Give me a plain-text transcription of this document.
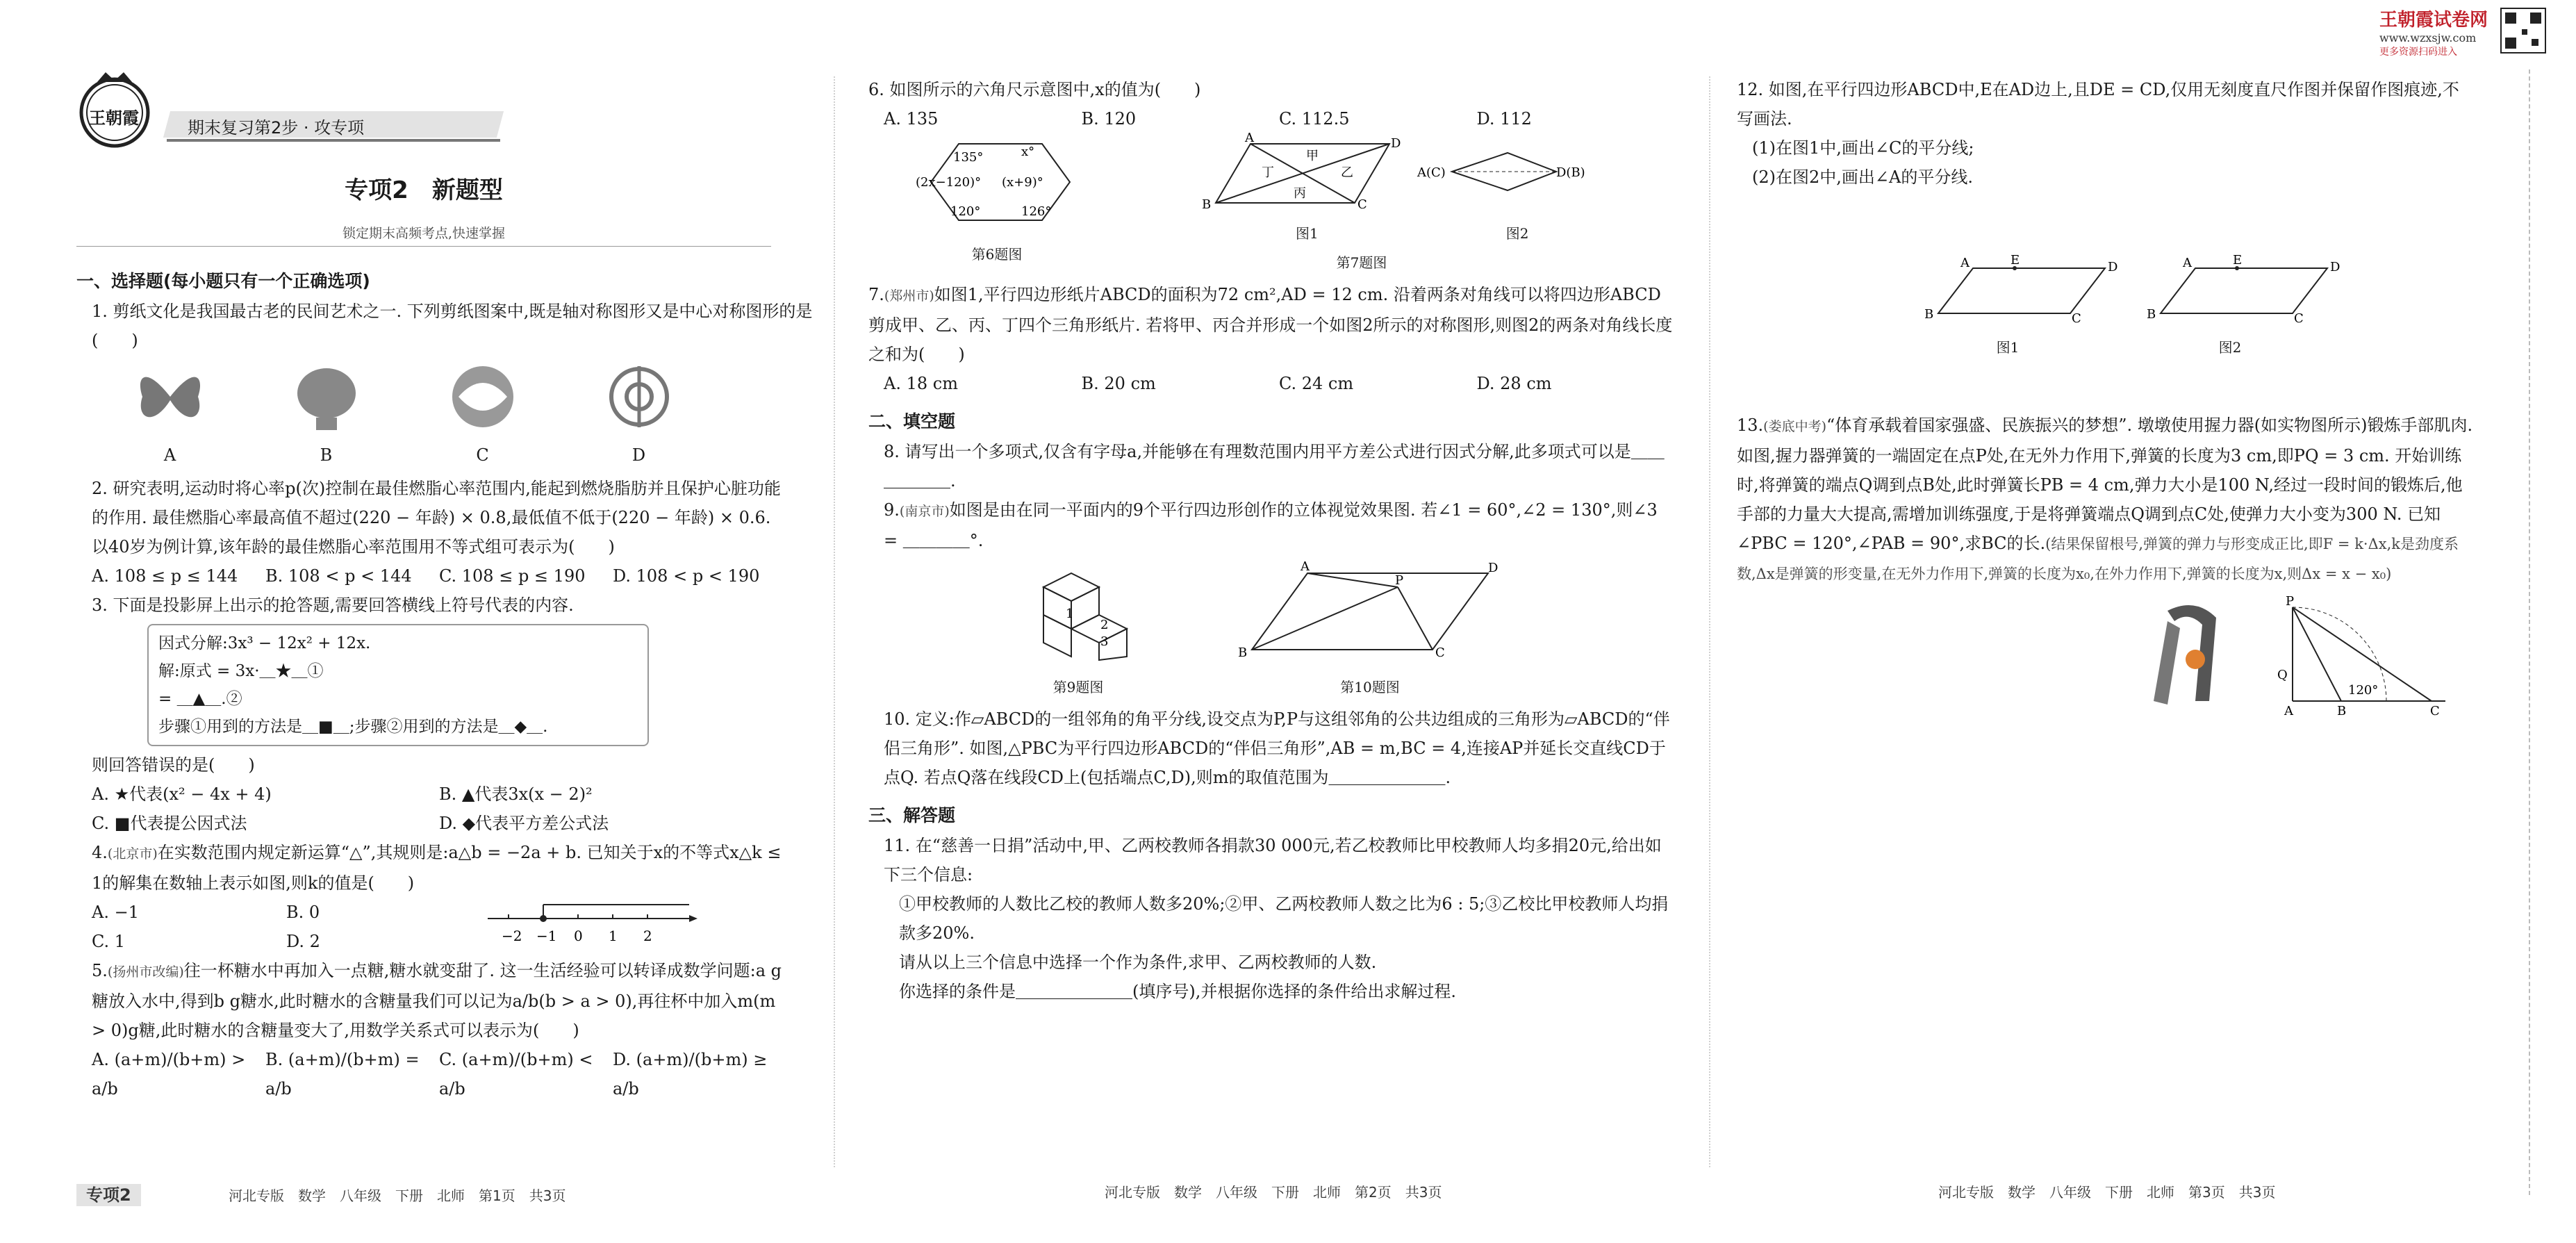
王朝霞	期末复习第2步 · 攻专项
专项2　新题型
锁定期末高频考点,快速掌握
一、选择题(每小题只有一个正确选项)

1. 剪纸文化是我国最古老的民间艺术之一. 下列剪纸图案中,既是轴对称图形又是中心对称图形的是(　　)

A	B	C	D

2. 研究表明,运动时将心率p(次)控制在最佳燃脂心率范围内,能起到燃烧脂肪并且保护心脏功能的作用. 最佳燃脂心率最高值不超过(220 − 年龄) × 0.8,最低值不低于(220 − 年龄) × 0.6. 以40岁为例计算,该年龄的最佳燃脂心率范围用不等式组可表示为(　　)

A. 108 ≤ p ≤ 144	B. 108 < p < 144	C. 108 ≤ p ≤ 190	D. 108 < p < 190

3. 下面是投影屏上出示的抢答题,需要回答横线上符号代表的内容.

因式分解:3x³ − 12x² + 12x.
解:原式 = 3x·＿★＿①
= ＿▲＿.②
步骤①用到的方法是＿■＿;步骤②用到的方法是＿◆＿.

则回答错误的是(　　)

A. ★代表(x² − 4x + 4)	B. ▲代表3x(x − 2)²
C. ■代表提公因式法	D. ◆代表平方差公式法

4.(北京市)在实数范围内规定新运算“△”,其规则是:a△b = −2a + b. 已知关于x的不等式x△k ≤ 1的解集在数轴上表示如图,则k的值是(　　)

A. −1	B. 0
C. 1	D. 2	−2 −1 0 1 2

5.(扬州市改编)往一杯糖水中再加入一点糖,糖水就变甜了. 这一生活经验可以转译成数学问题:a g糖放入水中,得到b g糖水,此时糖水的含糖量我们可以记为a/b(b > a > 0),再往杯中加入m(m > 0)g糖,此时糖水的含糖量变大了,用数学关系式可以表示为(　　)

A. (a+m)/(b+m) > a/b
B. (a+m)/(b+m) = a/b
C. (a+m)/(b+m) < a/b
D. (a+m)/(b+m) ≥ a/b
专项2	河北专版　数学　八年级　下册　北师　第1页　共3页

6. 如图所示的六角尺示意图中,x的值为(　　)

A. 135	B. 120	C. 112.5	D. 112
135°	x°
(2x−120)° (x+9)°
120°	126°
第6题图
A	D
B	C
甲
乙
丙
丁	A(C)	D(B)
图1	图2
第7题图

7.(郑州市)如图1,平行四边形纸片ABCD的面积为72 cm²,AD = 12 cm. 沿着两条对角线可以将四边形ABCD剪成甲、乙、丙、丁四个三角形纸片. 若将甲、丙合并形成一个如图2所示的对称图形,则图2的两条对角线长度之和为(　　)

A. 18 cm	B. 20 cm	C. 24 cm	D. 28 cm
二、填空题

8. 请写出一个多项式,仅含有字母a,并能够在有理数范围内用平方差公式进行因式分解,此多项式可以是＿＿＿＿＿＿.

9.(南京市)如图是由在同一平面内的9个平行四边形创作的立体视觉效果图. 若∠1 = 60°,∠2 = 130°,则∠3 = ＿＿＿＿°.

1
2
3
第9题图
A	D
P
B	C
第10题图

10. 定义:作▱ABCD的一组邻角的角平分线,设交点为P,P与这组邻角的公共边组成的三角形为▱ABCD的“伴侣三角形”. 如图,△PBC为平行四边形ABCD的“伴侣三角形”,AB = m,BC = 4,连接AP并延长交直线CD于点Q. 若点Q落在线段CD上(包括端点C,D),则m的取值范围为＿＿＿＿＿＿＿.

三、解答题

11. 在“慈善一日捐”活动中,甲、乙两校教师各捐款30 000元,若乙校教师比甲校教师人均多捐20元,给出如下三个信息:

①甲校教师的人数比乙校的教师人数多20%;②甲、乙两校教师人数之比为6 : 5;③乙校比甲校教师人均捐款多20%.

请从以上三个信息中选择一个作为条件,求甲、乙两校教师的人数.

你选择的条件是＿＿＿＿＿＿＿(填序号),并根据你选择的条件给出求解过程.

河北专版　数学　八年级　下册　北师　第2页　共3页

12. 如图,在平行四边形ABCD中,E在AD边上,且DE = CD,仅用无刻度直尺作图并保留作图痕迹,不写画法.

(1)在图1中,画出∠C的平分线;

(2)在图2中,画出∠A的平分线.

A	E	D
B	C
图1
A	E	D
B	C
图2

13.(娄底中考)“体育承载着国家强盛、民族振兴的梦想”. 墩墩使用握力器(如实物图所示)锻炼手部肌肉. 如图,握力器弹簧的一端固定在点P处,在无外力作用下,弹簧的长度为3 cm,即PQ = 3 cm. 开始训练时,将弹簧的端点Q调到点B处,此时弹簧长PB = 4 cm,弹力大小是100 N,经过一段时间的锻炼后,他手部的力量大大提高,需增加训练强度,于是将弹簧端点Q调到点C处,使弹力大小变为300 N. 已知∠PBC = 120°,∠PAB = 90°,求BC的长.(结果保留根号,弹簧的弹力与形变成正比,即F = k·Δx,k是劲度系数,Δx是弹簧的形变量,在无外力作用下,弹簧的长度为x₀,在外力作用下,弹簧的长度为x,则Δx = x − x₀)

P
Q
A	B	C
120°
河北专版　数学　八年级　下册　北师　第3页　共3页
王朝霞试卷网
www.wzxsjw.com
更多资源扫码进入
